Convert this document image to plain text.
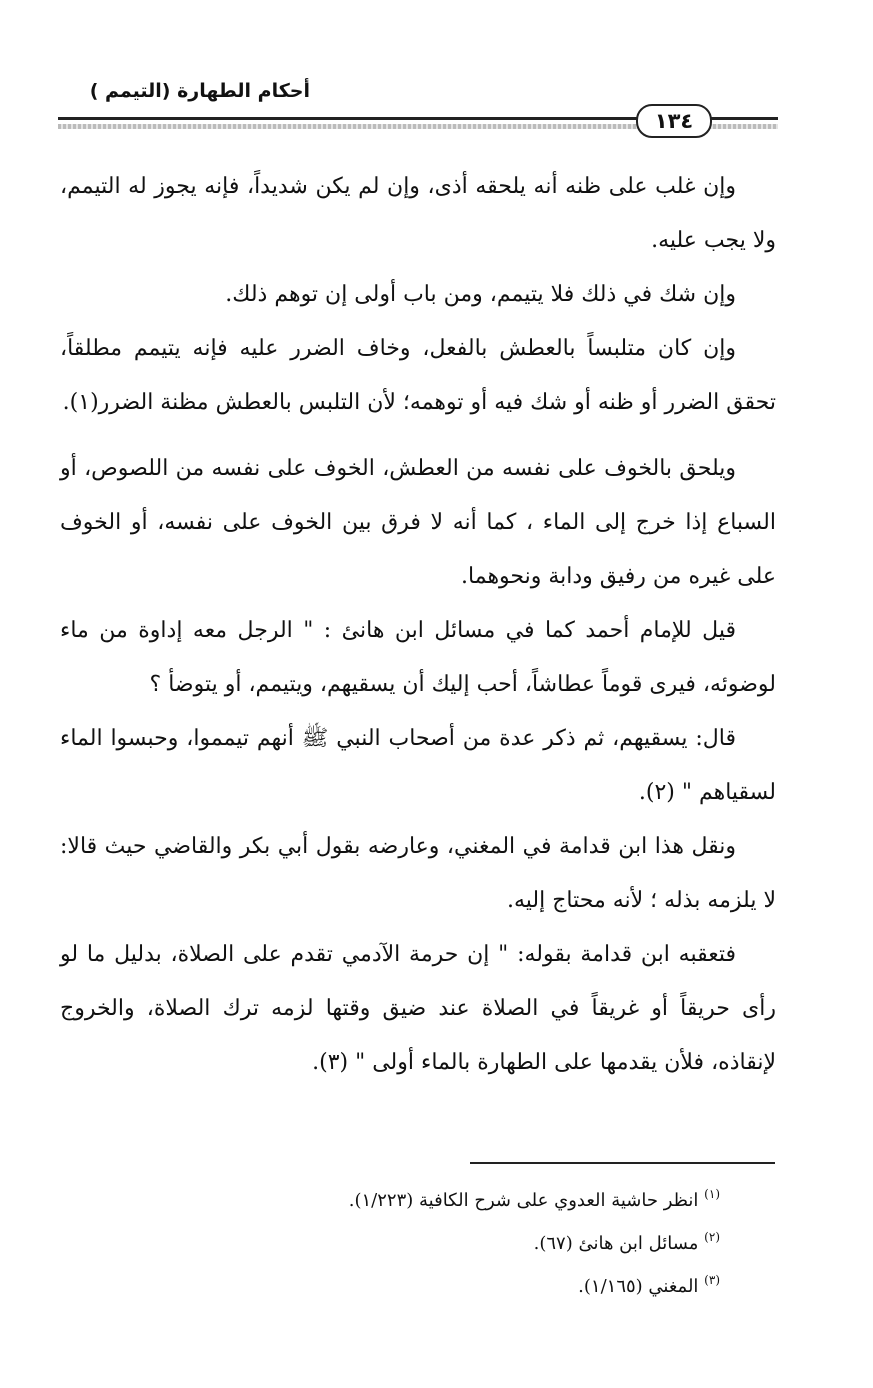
أحكام الطهارة (التيمم )
١٣٤

وإن غلب على ظنه أنه يلحقه أذى، وإن لم يكن شديداً، فإنه يجوز له التيمم، ولا يجب عليه.

وإن شك في ذلك فلا يتيمم، ومن باب أولى إن توهم ذلك.

وإن كان متلبساً بالعطش بالفعل، وخاف الضرر عليه فإنه يتيمم مطلقاً، تحقق الضرر أو ظنه أو شك فيه أو توهمه؛ لأن التلبس بالعطش مظنة الضرر(١).

ويلحق بالخوف على نفسه من العطش، الخوف على نفسه من اللصوص، أو السباع إذا خرج إلى الماء ، كما أنه لا فرق بين الخوف على نفسه، أو الخوف على غيره من رفيق ودابة ونحوهما.

قيل للإمام أحمد كما في مسائل ابن هانئ : " الرجل معه إداوة من ماء لوضوئه، فيرى قوماً عطاشاً، أحب إليك أن يسقيهم، ويتيمم، أو يتوضأ ؟

قال: يسقيهم، ثم ذكر عدة من أصحاب النبي ﷺ أنهم تيمموا، وحبسوا الماء لسقياهم " (٢).

ونقل هذا ابن قدامة في المغني، وعارضه بقول أبي بكر والقاضي حيث قالا: لا يلزمه بذله ؛ لأنه محتاج إليه.

فتعقبه ابن قدامة بقوله: " إن حرمة الآدمي تقدم على الصلاة، بدليل ما لو رأى حريقاً أو غريقاً في الصلاة عند ضيق وقتها لزمه ترك الصلاة، والخروج لإنقاذه، فلأن يقدمها على الطهارة بالماء أولى " (٣).

$^{(١)}$ انظر حاشية العدوي على شرح الكافية (١/٢٢٣).

$^{(٢)}$ مسائل ابن هانئ (٦٧).

$^{(٣)}$ المغني (١/١٦٥).
